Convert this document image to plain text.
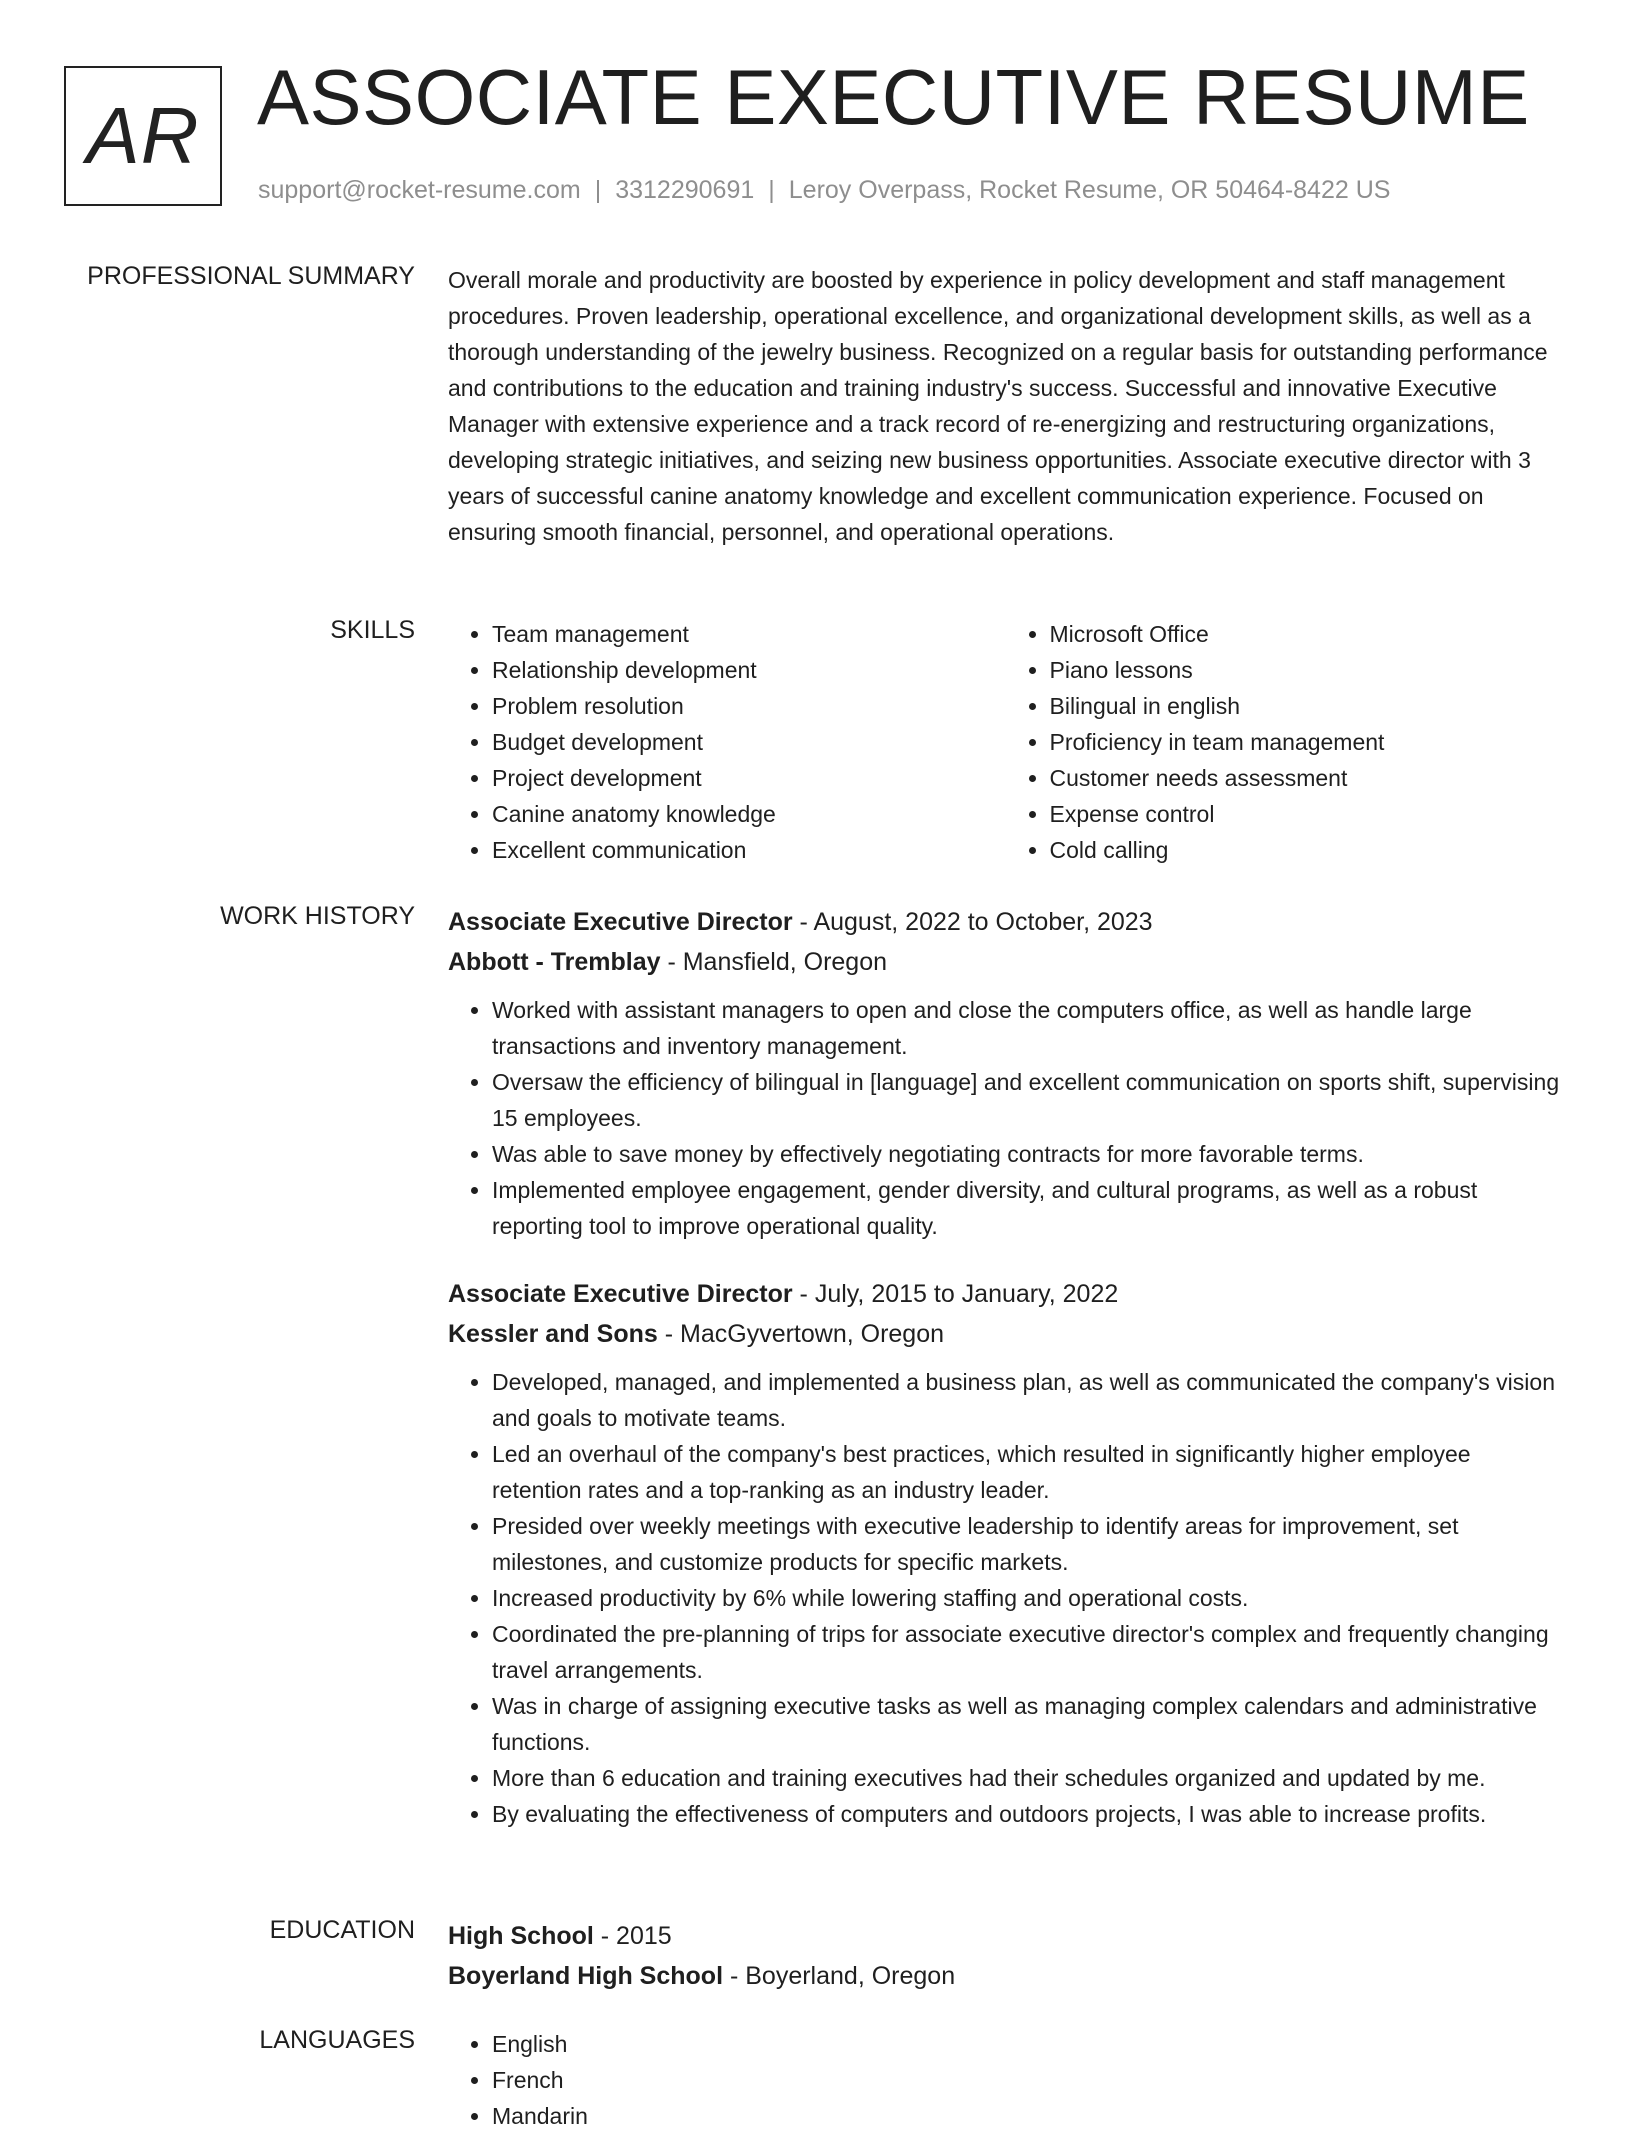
AR ASSOCIATE EXECUTIVE RESUME
support@rocket-resume.com | 3312290691 | Leroy Overpass, Rocket Resume, OR 50464-8422 US
PROFESSIONAL SUMMARY Overall morale and productivity are boosted by experience in policy development and staff management procedures. Proven leadership, operational excellence, and organizational development skills, as well as a thorough understanding of the jewelry business. Recognized on a regular basis for outstanding performance and contributions to the education and training industry's success. Successful and innovative Executive Manager with extensive experience and a track record of re-energizing and restructuring organizations, developing strategic initiatives, and seizing new business opportunities. Associate executive director with 3 years of successful canine anatomy knowledge and excellent communication experience. Focused on ensuring smooth financial, personnel, and operational operations.
SKILLS	• Team management
• Relationship development
• Problem resolution
• Budget development
• Project development
• Canine anatomy knowledge
• Excellent communication
• Microsoft Office
• Piano lessons
• Bilingual in english
• Proficiency in team management
• Customer needs assessment
• Expense control
• Cold calling
WORK HISTORY Associate Executive Director - August, 2022 to October, 2023
Abbott - Tremblay - Mansfield, Oregon
• Worked with assistant managers to open and close the computers office, as well as handle large transactions and inventory management.
• Oversaw the efficiency of bilingual in [language] and excellent communication on sports shift, supervising 15 employees.
• Was able to save money by effectively negotiating contracts for more favorable terms.
• Implemented employee engagement, gender diversity, and cultural programs, as well as a robust reporting tool to improve operational quality.
Associate Executive Director - July, 2015 to January, 2022
Kessler and Sons - MacGyvertown, Oregon
• Developed, managed, and implemented a business plan, as well as communicated the company's vision and goals to motivate teams.
• Led an overhaul of the company's best practices, which resulted in significantly higher employee retention rates and a top-ranking as an industry leader.
• Presided over weekly meetings with executive leadership to identify areas for improvement, set milestones, and customize products for specific markets.
• Increased productivity by 6% while lowering staffing and operational costs.
• Coordinated the pre-planning of trips for associate executive director's complex and frequently changing travel arrangements.
• Was in charge of assigning executive tasks as well as managing complex calendars and administrative functions.
• More than 6 education and training executives had their schedules organized and updated by me.
• By evaluating the effectiveness of computers and outdoors projects, I was able to increase profits.
EDUCATION High School - 2015
Boyerland High School - Boyerland, Oregon
LANGUAGES	• English
• French
• Mandarin
